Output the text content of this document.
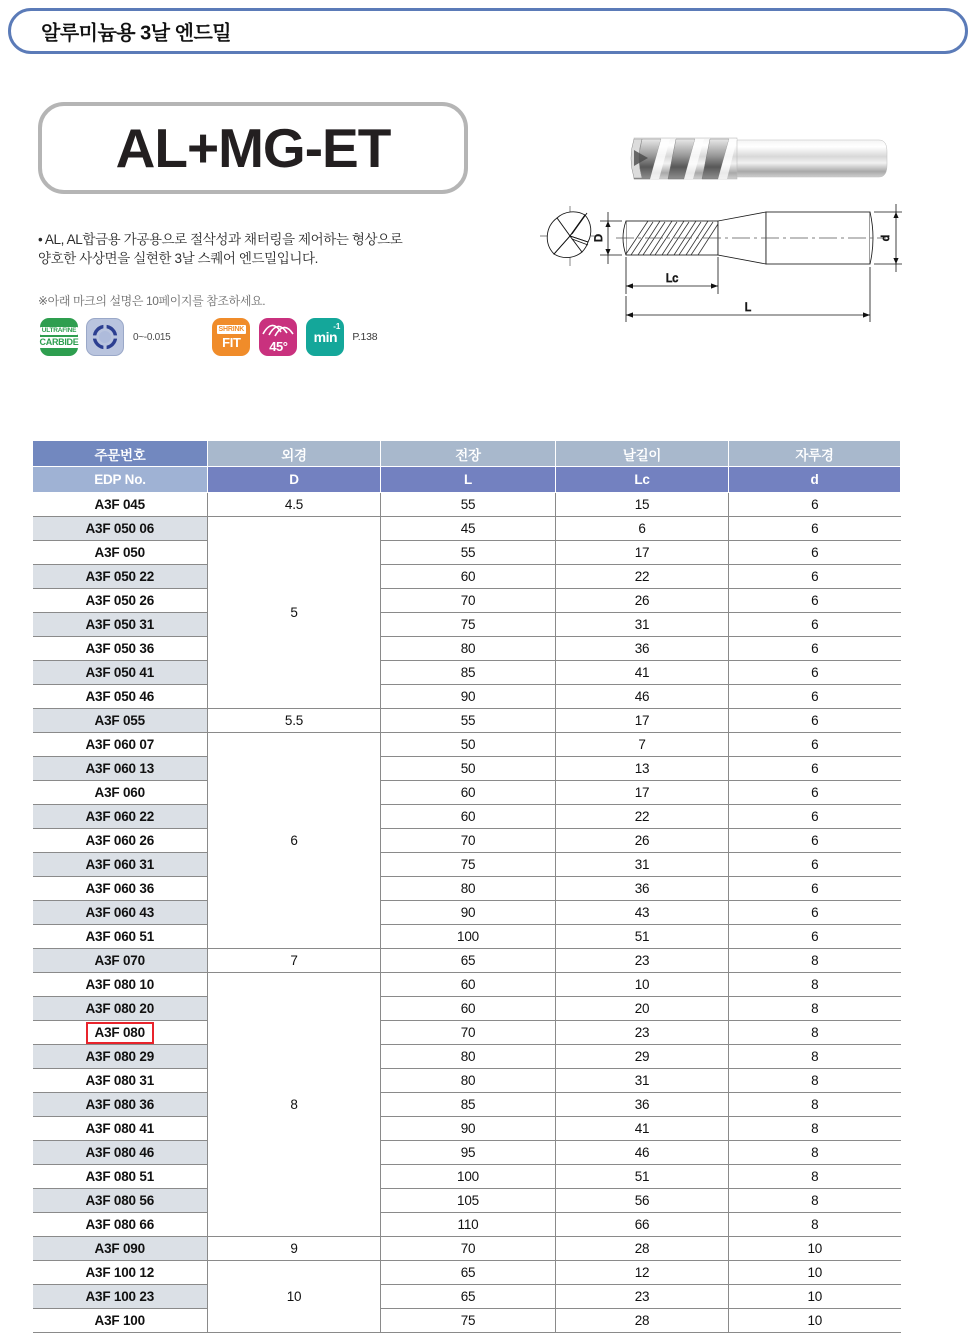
알루미늄용 3날 엔드밀
AL+MG-ET
• AL, AL합금용 가공용으로 절삭성과 채터링을 제어하는 형상으로
양호한 사상면을 실현한 3날 스퀘어 엔드밀입니다.
※아래 마크의 설명은 10페이지를 참조하세요.
ULTRAFINE
CARBIDE	0~-0.015
SHRINK
FIT 45°
min
-1
P.138
D	d
Lc
L
주문번호	외경	전장	날길이	자루경
EDP No.	D	L	Lc	d
A3F 045	4.5	55	15	6
A3F 050 06	5	45	6	6
A3F 050		55	17	6
A3F 050 22		60	22	6
A3F 050 26		70	26	6
A3F 050 31		75	31	6
A3F 050 36		80	36	6
A3F 050 41		85	41	6
A3F 050 46		90	46	6
A3F 055	5.5	55	17	6
A3F 060 07	6	50	7	6
A3F 060 13		50	13	6
A3F 060		60	17	6
A3F 060 22		60	22	6
A3F 060 26		70	26	6
A3F 060 31		75	31	6
A3F 060 36		80	36	6
A3F 060 43		90	43	6
A3F 060 51		100	51	6
A3F 070	7	65	23	8
A3F 080 10	8	60	10	8
A3F 080 20		60	20	8
A3F 080		70	23	8
A3F 080 29		80	29	8
A3F 080 31		80	31	8
A3F 080 36		85	36	8
A3F 080 41		90	41	8
A3F 080 46		95	46	8
A3F 080 51		100	51	8
A3F 080 56		105	56	8
A3F 080 66		110	66	8
A3F 090	9	70	28	10
A3F 100 12	10	65	12	10
A3F 100 23		65	23	10
A3F 100		75	28	10
